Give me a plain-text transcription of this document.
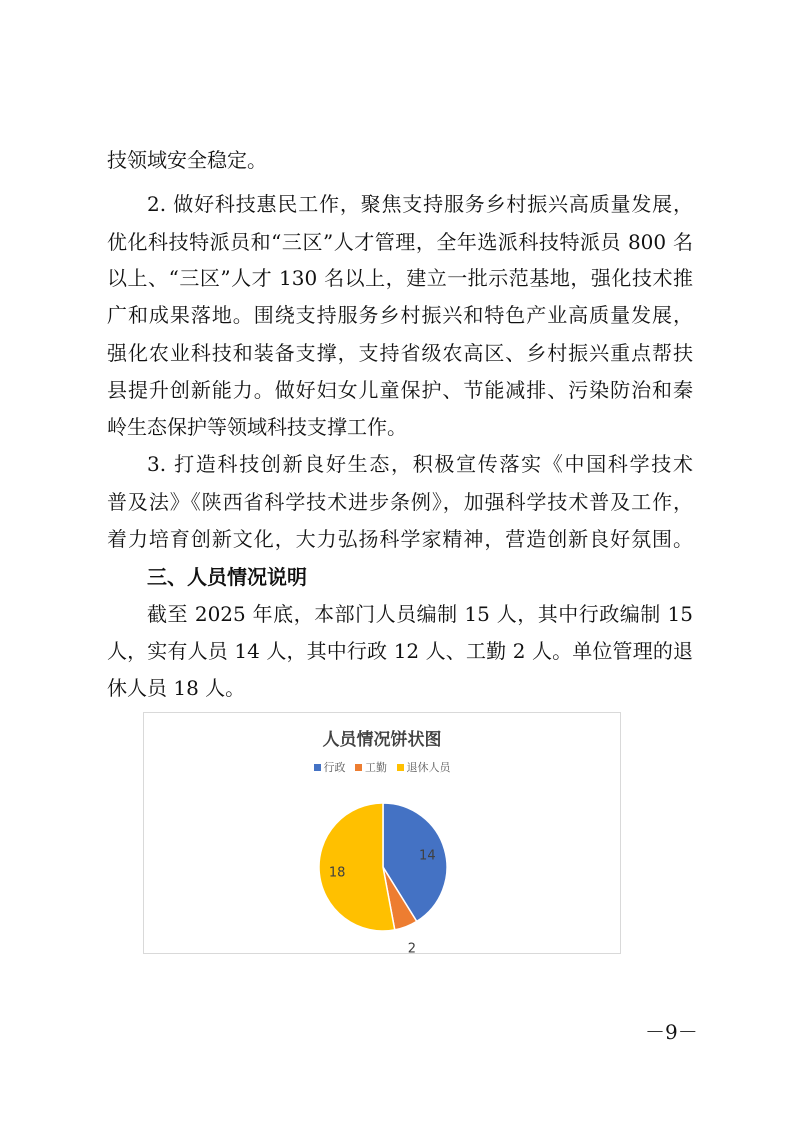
技领域安全稳定。
2. 做好科技惠民工作，聚焦支持服务乡村振兴高质量发展，
优化科技特派员和“三区”人才管理，全年选派科技特派员 800 名
以上、“三区”人才 130 名以上，建立一批示范基地，强化技术推
广和成果落地。围绕支持服务乡村振兴和特色产业高质量发展，
强化农业科技和装备支撑，支持省级农高区、乡村振兴重点帮扶
县提升创新能力。做好妇女儿童保护、节能减排、污染防治和秦
岭生态保护等领域科技支撑工作。
3. 打造科技创新良好生态，积极宣传落实《中国科学技术
普及法》《陕西省科学技术进步条例》，加强科学技术普及工作，
着力培育创新文化，大力弘扬科学家精神，营造创新良好氛围。
三、人员情况说明
截至 2025 年底，本部门人员编制 15 人，其中行政编制 15
人，实有人员 14 人，其中行政 12 人、工勤 2 人。单位管理的退
休人员 18 人。
人员情况饼状图
行政 工勤 退休人员
14
2
18
－9－
